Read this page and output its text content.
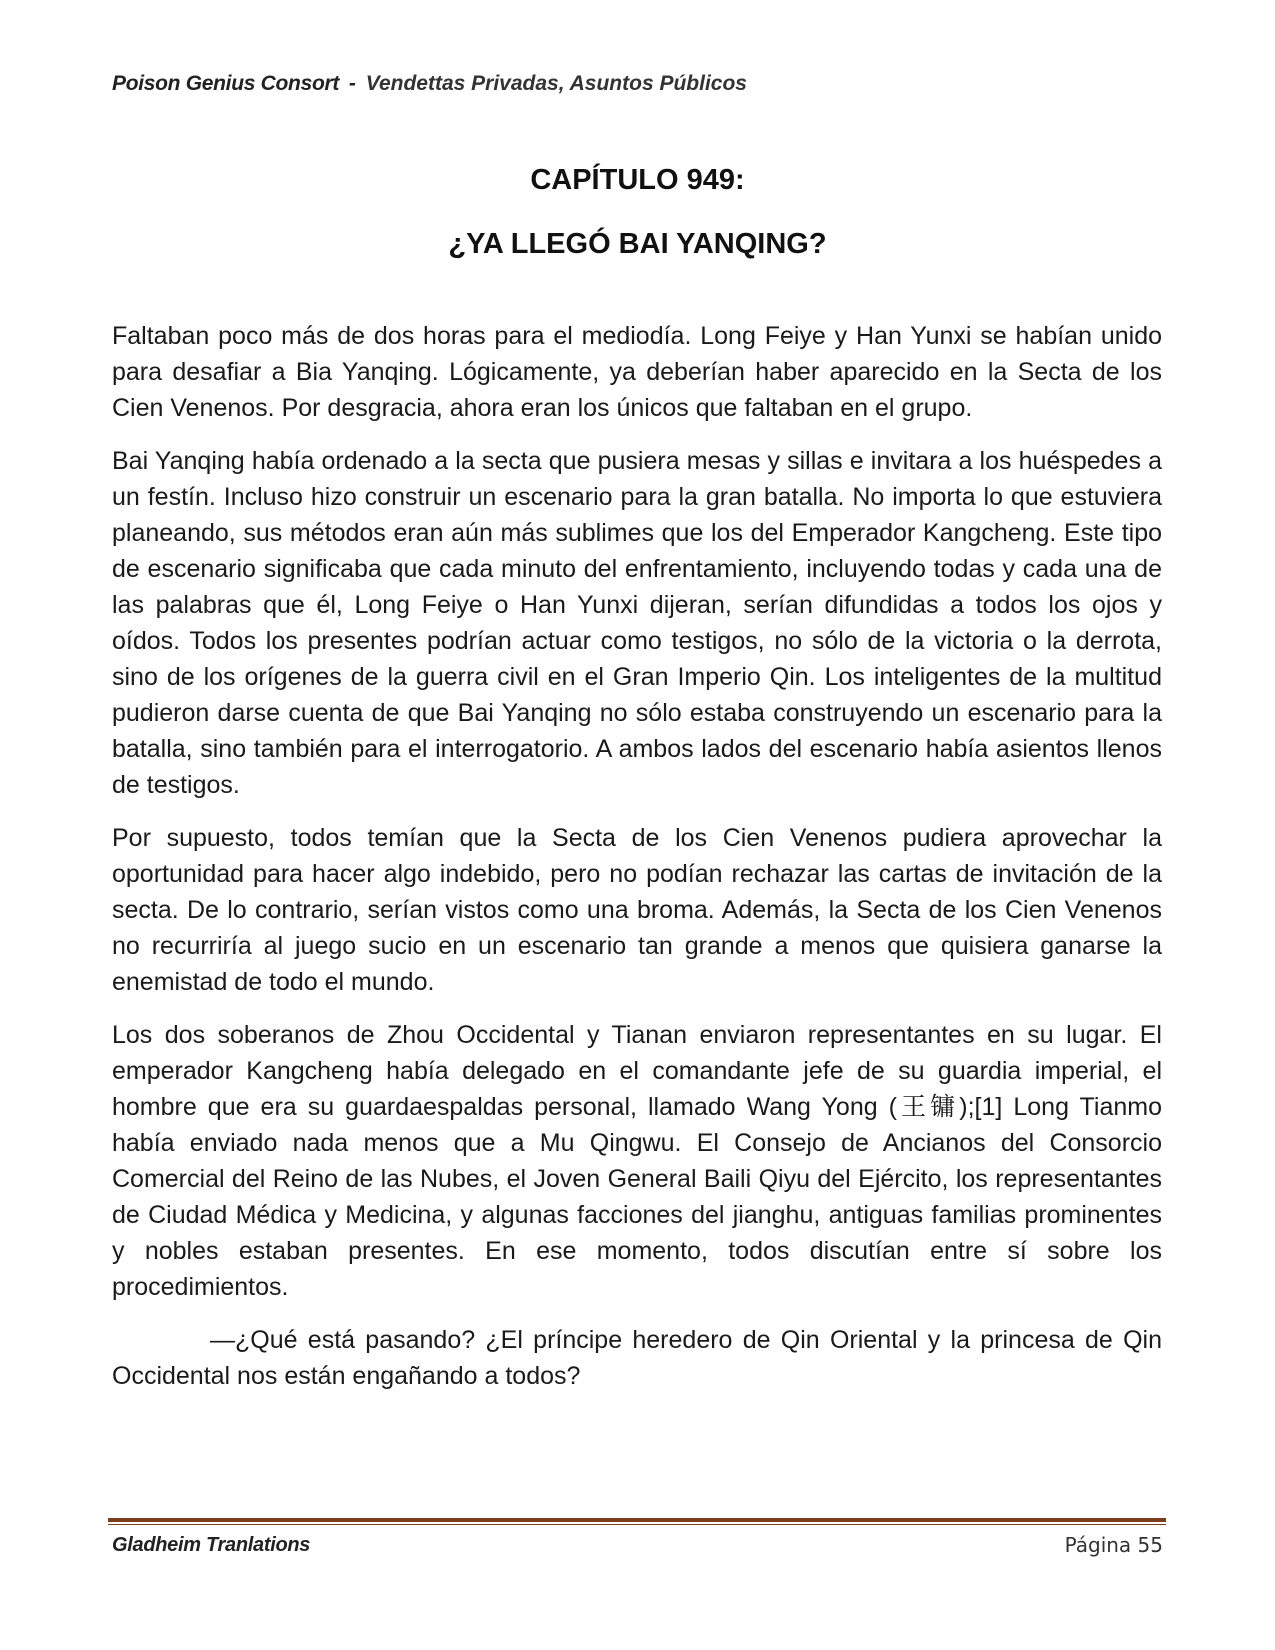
Poison Genius Consort - Vendettas Privadas, Asuntos Públicos
CAPÍTULO 949:
¿YA LLEGÓ BAI YANQING?

Faltaban poco más de dos horas para el mediodía. Long Feiye y Han Yunxi se habían unido para desafiar a Bia Yanqing. Lógicamente, ya deberían haber aparecido en la Secta de los Cien Venenos. Por desgracia, ahora eran los únicos que faltaban en el grupo.

Bai Yanqing había ordenado a la secta que pusiera mesas y sillas e invitara a los huéspedes a un festín. Incluso hizo construir un escenario para la gran batalla. No importa lo que estuviera planeando, sus métodos eran aún más sublimes que los del Emperador Kangcheng. Este tipo de escenario significaba que cada minuto del enfrentamiento, incluyendo todas y cada una de las palabras que él, Long Feiye o Han Yunxi dijeran, serían difundidas a todos los ojos y oídos. Todos los presentes podrían actuar como testigos, no sólo de la victoria o la derrota, sino de los orígenes de la guerra civil en el Gran Imperio Qin. Los inteligentes de la multitud pudieron darse cuenta de que Bai Yanqing no sólo estaba construyendo un escenario para la batalla, sino también para el interrogatorio. A ambos lados del escenario había asientos llenos de testigos.

Por supuesto, todos temían que la Secta de los Cien Venenos pudiera aprovechar la oportunidad para hacer algo indebido, pero no podían rechazar las cartas de invitación de la secta. De lo contrario, serían vistos como una broma. Además, la Secta de los Cien Venenos no recurriría al juego sucio en un escenario tan grande a menos que quisiera ganarse la enemistad de todo el mundo.

Los dos soberanos de Zhou Occidental y Tianan enviaron representantes en su lugar. El emperador Kangcheng había delegado en el comandante jefe de su guardia imperial, el hombre que era su guardaespaldas personal, llamado Wang Yong (王镛);[1] Long Tianmo había enviado nada menos que a Mu Qingwu. El Consejo de Ancianos del Consorcio Comercial del Reino de las Nubes, el Joven General Baili Qiyu del Ejército, los representantes de Ciudad Médica y Medicina, y algunas facciones del jianghu, antiguas familias prominentes y nobles estaban presentes. En ese momento, todos discutían entre sí sobre los procedimientos.

—¿Qué está pasando? ¿El príncipe heredero de Qin Oriental y la princesa de Qin Occidental nos están engañando a todos?

Gladheim Tranlations	Página 55
